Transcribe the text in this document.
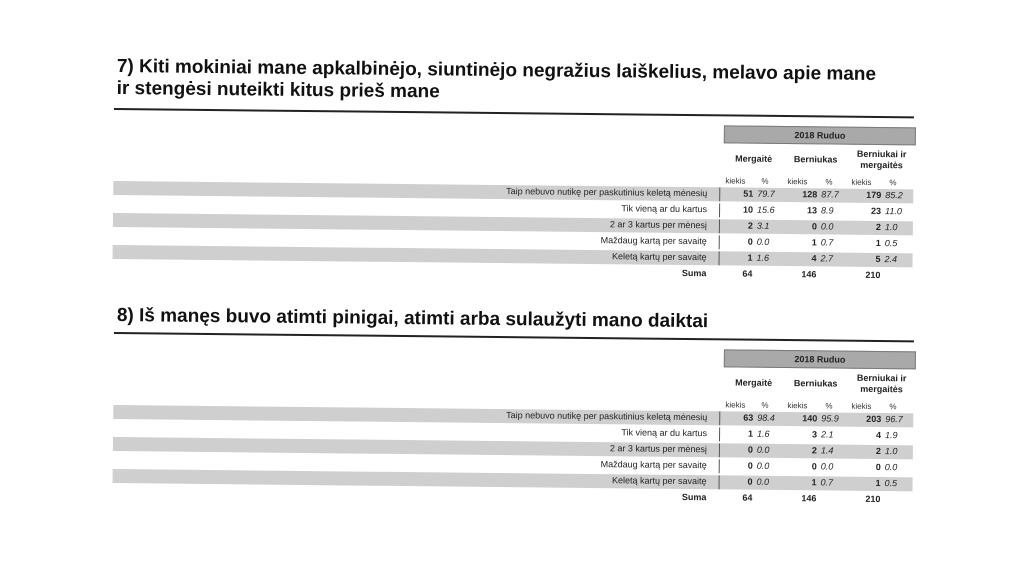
7) Kiti mokiniai mane apkalbinėjo, siuntinėjo negražius laiškelius, melavo apie mane
ir stengėsi nuteikti kitus prieš mane
2018 Ruduo
Mergaitė	Berniukas
Berniukai ir mergaitės
kiekis % kiekis % kiekis %
Taip nebuvo nutikę per paskutinius keletą mėnesių	51 79.7	128 87.7	179 85.2
Tik vieną ar du kartus	10 15.6	13 8.9	23 11.0
2 ar 3 kartus per mėnesį	2 3.1	0 0.0	2 1.0
Maždaug kartą per savaitę	0 0.0	1 0.7	1 0.5
Keletą kartų per savaitę	1 1.6	4 2.7	5 2.4
Suma	64	146	210
8) Iš manęs buvo atimti pinigai, atimti arba sulaužyti mano daiktai
2018 Ruduo
Mergaitė	Berniukas
Berniukai ir mergaitės
kiekis % kiekis % kiekis %
Taip nebuvo nutikę per paskutinius keletą mėnesių	63 98.4	140 95.9	203 96.7
Tik vieną ar du kartus	1 1.6	3 2.1	4 1.9
2 ar 3 kartus per mėnesį	0 0.0	2 1.4	2 1.0
Maždaug kartą per savaitę	0 0.0	0 0.0	0 0.0
Keletą kartų per savaitę	0 0.0	1 0.7	1 0.5
Suma	64	146	210
